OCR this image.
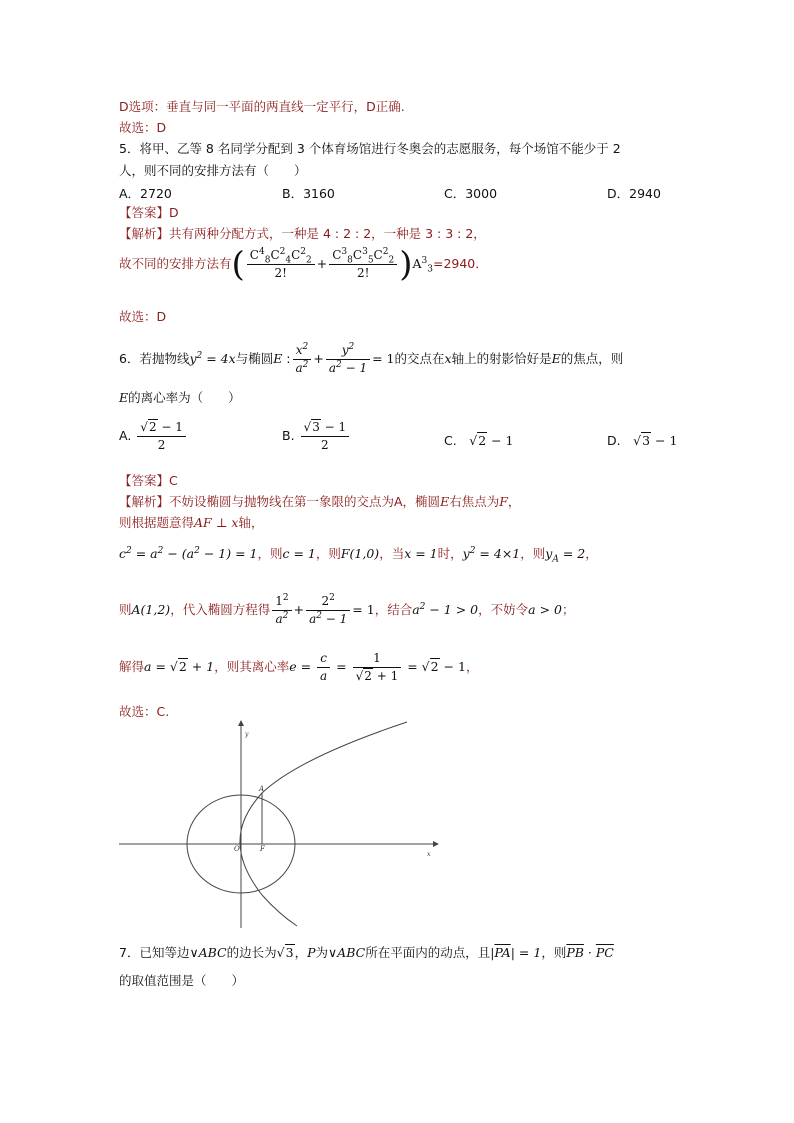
D选项：垂直与同一平面的两直线一定平行，D正确.
故选：D
5．将甲、乙等 8 名同学分配到 3 个体育场馆进行冬奥会的志愿服务，每个场馆不能少于 2
人，则不同的安排方法有（　　）
A．2720	B．3160	C．3000	D．2940
【答案】D
【解析】共有两种分配方式，一种是 4 : 2 : 2，一种是 3 : 3 : 2，
故不同的安排方法有( $\frac{C^4_8C^2_4C^2_2}{2!} + \frac{C^3_8C^3_5C^2_2}{2!} )A^3_3=2940$．
故选：D
6．若抛物线$y^2 = 4x$与椭圆E : $\frac{x^2}{a^2} + \frac{y^2}{a^2 - 1} = 1$的交点在x轴上的射影恰好是E的焦点，则
E的离心率为（　　）
A. $\frac{√2 - 1}{2}$	B. $\frac{√3 - 1}{2}$	C.　 √2 − 1	D.　 √3 − 1
【答案】C
【解析】不妨设椭圆与抛物线在第一象限的交点为A，椭圆E右焦点为F，
则根据题意得AF ⊥ x轴，
$c^2 = a^2 - (a^2 - 1) = 1$，则c = 1，则F(1,0)，当x = 1时，$y^2 = 4\times 1$，则$y_A = 2$，
则A(1,2)，代入椭圆方程得 $\frac{1^2}{a^2} + \frac{2^2}{a^2 - 1} = 1$，结合$a^2 - 1 > 0$，不妨令a > 0；
解得a = √2 + 1，则其离心率$e = \frac{c}{a} = \frac{1}{√2 + 1} = √2 - 1$，
故选：C.
A
F
O
x
y
7．已知等边∨ABC的边长为√3，P为∨ABC所在平面内的动点，且$|\overline{PA}| = 1$，则$\overline{PB} \cdot \overline{PC}$
的取值范围是（　　）
